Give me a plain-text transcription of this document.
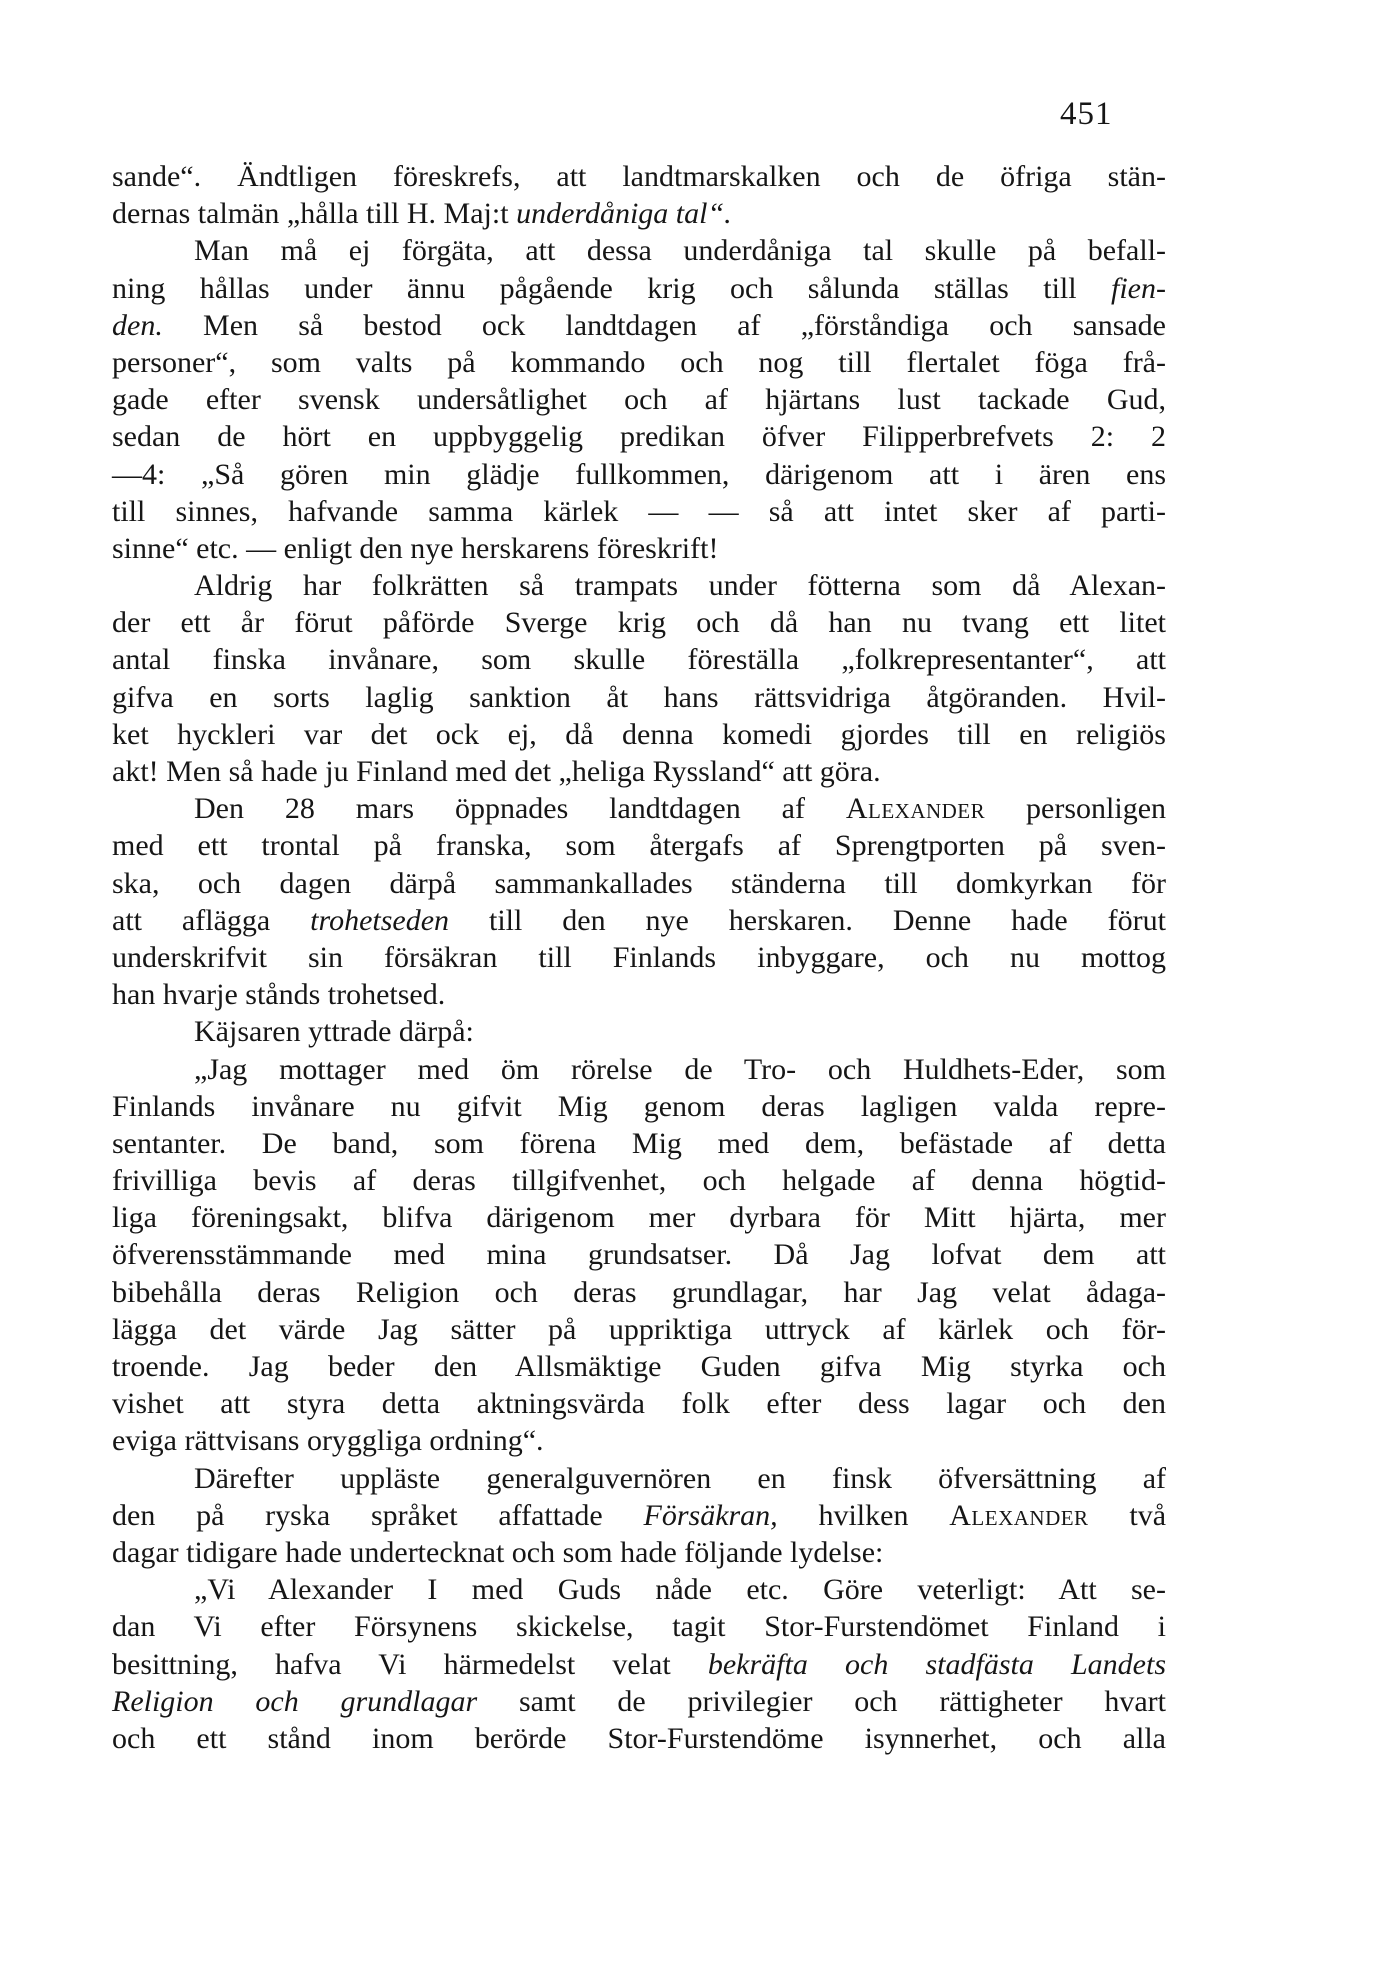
451
sande“. Ändtligen föreskrefs, att landtmarskalken och de öfriga stän-
dernas talmän „hålla till H. Maj:t underdåniga tal“.
Man må ej förgäta, att dessa underdåniga tal skulle på befall-
ning hållas under ännu pågående krig och sålunda ställas till fien-
den. Men så bestod ock landtdagen af „förståndiga och sansade
personer“, som valts på kommando och nog till flertalet föga frå-
gade efter svensk undersåtlighet och af hjärtans lust tackade Gud,
sedan de hört en uppbyggelig predikan öfver Filipperbrefvets 2: 2
—4: „Så gören min glädje fullkommen, därigenom att i ären ens
till sinnes, hafvande samma kärlek — — så att intet sker af parti-
sinne“ etc. — enligt den nye herskarens föreskrift!
Aldrig har folkrätten så trampats under fötterna som då Alexan-
der ett år förut påförde Sverge krig och då han nu tvang ett litet
antal finska invånare, som skulle föreställa „folkrepresentanter“, att
gifva en sorts laglig sanktion åt hans rättsvidriga åtgöranden. Hvil-
ket hyckleri var det ock ej, då denna komedi gjordes till en religiös
akt! Men så hade ju Finland med det „heliga Ryssland“ att göra.
Den 28 mars öppnades landtdagen af Alexander personligen
med ett trontal på franska, som återgafs af Sprengtporten på sven-
ska, och dagen därpå sammankallades ständerna till domkyrkan för
att aflägga trohetseden till den nye herskaren. Denne hade förut
underskrifvit sin försäkran till Finlands inbyggare, och nu mottog
han hvarje stånds trohetsed.
Käjsaren yttrade därpå:
„Jag mottager med öm rörelse de Tro- och Huldhets-Eder, som
Finlands invånare nu gifvit Mig genom deras lagligen valda repre-
sentanter. De band, som förena Mig med dem, befästade af detta
frivilliga bevis af deras tillgifvenhet, och helgade af denna högtid-
liga föreningsakt, blifva därigenom mer dyrbara för Mitt hjärta, mer
öfverensstämmande med mina grundsatser. Då Jag lofvat dem att
bibehålla deras Religion och deras grundlagar, har Jag velat ådaga-
lägga det värde Jag sätter på uppriktiga uttryck af kärlek och för-
troende. Jag beder den Allsmäktige Guden gifva Mig styrka och
vishet att styra detta aktningsvärda folk efter dess lagar och den
eviga rättvisans oryggliga ordning“.
Därefter uppläste generalguvernören en finsk öfversättning af
den på ryska språket affattade Försäkran, hvilken Alexander två
dagar tidigare hade undertecknat och som hade följande lydelse:
„Vi Alexander I med Guds nåde etc. Göre veterligt: Att se-
dan Vi efter Försynens skickelse, tagit Stor-Furstendömet Finland i
besittning, hafva Vi härmedelst velat bekräfta och stadfästa Landets
Religion och grundlagar samt de privilegier och rättigheter hvart
och ett stånd inom berörde Stor-Furstendöme isynnerhet, och alla
